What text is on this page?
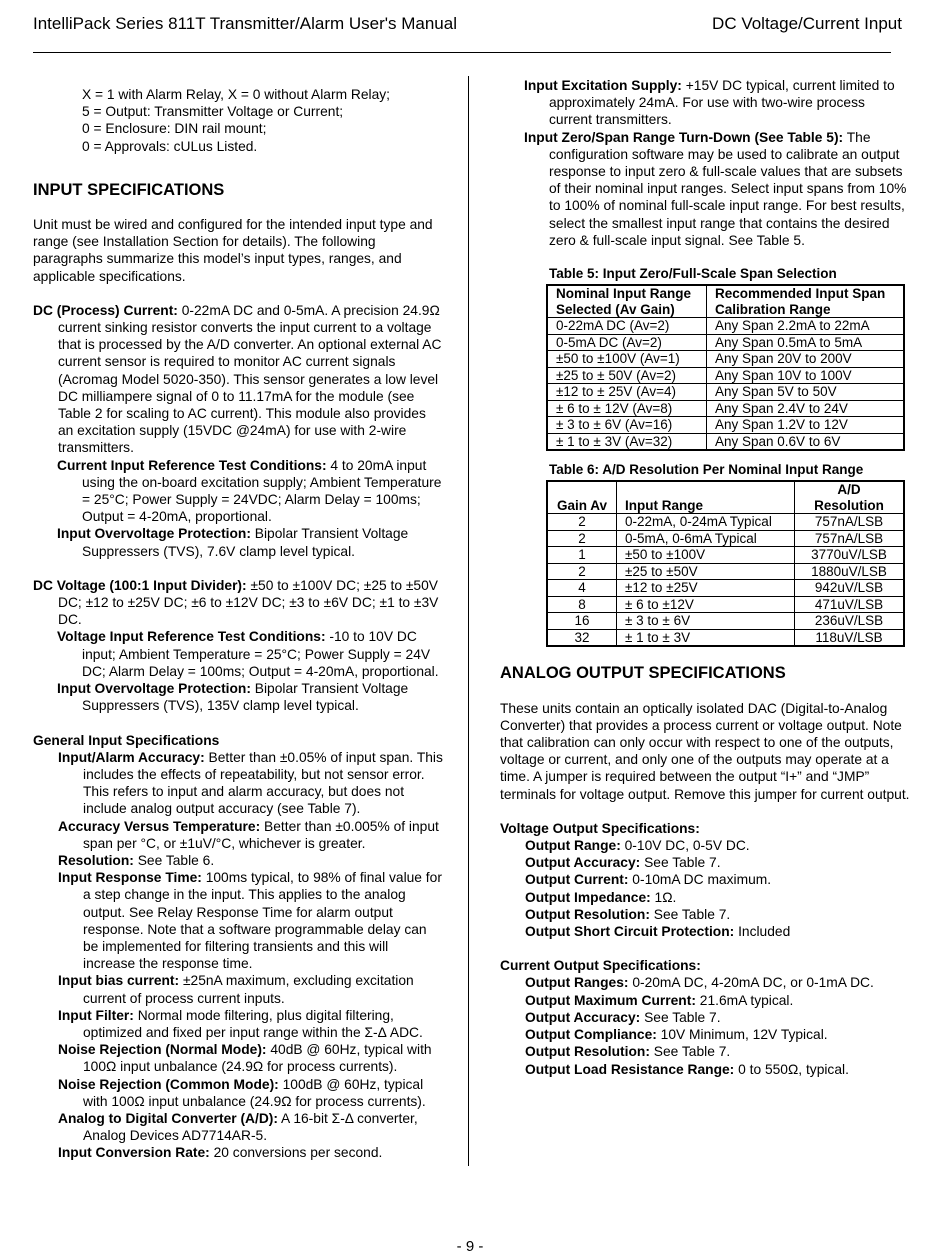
IntelliPack Series 811T Transmitter/Alarm User's Manual	DC Voltage/Current Input

X = 1 with Alarm Relay, X = 0 without Alarm Relay;

5 = Output: Transmitter Voltage or Current;

0 = Enclosure: DIN rail mount;

0 = Approvals: cULus Listed.

INPUT SPECIFICATIONS

Unit must be wired and configured for the intended input type and range (see Installation Section for details). The following paragraphs summarize this model’s input types, ranges, and applicable specifications.

DC (Process) Current: 0-22mA DC and 0-5mA. A precision 24.9Ω current sinking resistor converts the input current to a voltage that is processed by the A/D converter. An optional external AC current sensor is required to monitor AC current signals (Acromag Model 5020-350). This sensor generates a low level DC milliampere signal of 0 to 11.17mA for the module (see Table 2 for scaling to AC current). This module also provides an excitation supply (15VDC @24mA) for use with 2-wire transmitters.

Current Input Reference Test Conditions: 4 to 20mA input using the on-board excitation supply; Ambient Temperature = 25°C; Power Supply = 24VDC; Alarm Delay = 100ms; Output = 4-20mA, proportional.

Input Overvoltage Protection: Bipolar Transient Voltage Suppressers (TVS), 7.6V clamp level typical.

DC Voltage (100:1 Input Divider): ±50 to ±100V DC; ±25 to ±50V DC; ±12 to ±25V DC; ±6 to ±12V DC; ±3 to ±6V DC; ±1 to ±3V DC.

Voltage Input Reference Test Conditions: -10 to 10V DC input; Ambient Temperature = 25°C; Power Supply = 24V DC; Alarm Delay = 100ms; Output = 4-20mA, proportional.

Input Overvoltage Protection: Bipolar Transient Voltage Suppressers (TVS), 135V clamp level typical.

General Input Specifications

Input/Alarm Accuracy: Better than ±0.05% of input span. This includes the effects of repeatability, but not sensor error. This refers to input and alarm accuracy, but does not include analog output accuracy (see Table 7).

Accuracy Versus Temperature: Better than ±0.005% of input span per °C, or ±1uV/°C, whichever is greater.

Resolution: See Table 6.

Input Response Time: 100ms typical, to 98% of final value for a step change in the input. This applies to the analog output. See Relay Response Time for alarm output response. Note that a software programmable delay can be implemented for filtering transients and this will increase the response time.

Input bias current: ±25nA maximum, excluding excitation current of process current inputs.

Input Filter: Normal mode filtering, plus digital filtering, optimized and fixed per input range within the Σ-Δ ADC.

Noise Rejection (Normal Mode): 40dB @ 60Hz, typical with 100Ω input unbalance (24.9Ω for process currents).

Noise Rejection (Common Mode): 100dB @ 60Hz, typical with 100Ω input unbalance (24.9Ω for process currents).

Analog to Digital Converter (A/D): A 16-bit Σ-Δ converter, Analog Devices AD7714AR-5.

Input Conversion Rate: 20 conversions per second.

Input Excitation Supply: +15V DC typical, current limited to approximately 24mA. For use with two-wire process current transmitters.

Input Zero/Span Range Turn-Down (See Table 5): The configuration software may be used to calibrate an output response to input zero & full-scale values that are subsets of their nominal input ranges. Select input spans from 10% to 100% of nominal full-scale input range. For best results, select the smallest input range that contains the desired zero & full-scale input signal. See Table 5.

Table 5: Input Zero/Full-Scale Span Selection

Nominal Input Range Selected (Av Gain)	Recommended Input Span Calibration Range
0-22mA DC (Av=2)	Any Span 2.2mA to 22mA
0-5mA DC (Av=2)	Any Span 0.5mA to 5mA
±50 to ±100V (Av=1)	Any Span 20V to 200V
±25 to ± 50V (Av=2)	Any Span 10V to 100V
±12 to ± 25V (Av=4)	Any Span 5V to 50V
± 6 to ± 12V (Av=8)	Any Span 2.4V to 24V
± 3 to ± 6V (Av=16)	Any Span 1.2V to 12V
± 1 to ± 3V (Av=32)	Any Span 0.6V to 6V

Table 6: A/D Resolution Per Nominal Input Range

Gain Av	Input Range	A/D Resolution
2	0-22mA, 0-24mA Typical	757nA/LSB
2	0-5mA, 0-6mA Typical	757nA/LSB
1	±50 to ±100V	3770uV/LSB
2	±25 to ±50V	1880uV/LSB
4	±12 to ±25V	942uV/LSB
8	± 6 to ±12V	471uV/LSB
16	± 3 to ± 6V	236uV/LSB
32	± 1 to ± 3V	118uV/LSB

ANALOG OUTPUT SPECIFICATIONS

These units contain an optically isolated DAC (Digital-to-Analog Converter) that provides a process current or voltage output. Note that calibration can only occur with respect to one of the outputs, voltage or current, and only one of the outputs may operate at a time. A jumper is required between the output “I+” and “JMP” terminals for voltage output. Remove this jumper for current output.

Voltage Output Specifications:

Output Range: 0-10V DC, 0-5V DC.

Output Accuracy: See Table 7.

Output Current: 0-10mA DC maximum.

Output Impedance: 1Ω.

Output Resolution: See Table 7.

Output Short Circuit Protection: Included

Current Output Specifications:

Output Ranges: 0-20mA DC, 4-20mA DC, or 0-1mA DC.

Output Maximum Current: 21.6mA typical.

Output Accuracy: See Table 7.

Output Compliance: 10V Minimum, 12V Typical.

Output Resolution: See Table 7.

Output Load Resistance Range: 0 to 550Ω, typical.

- 9 -
